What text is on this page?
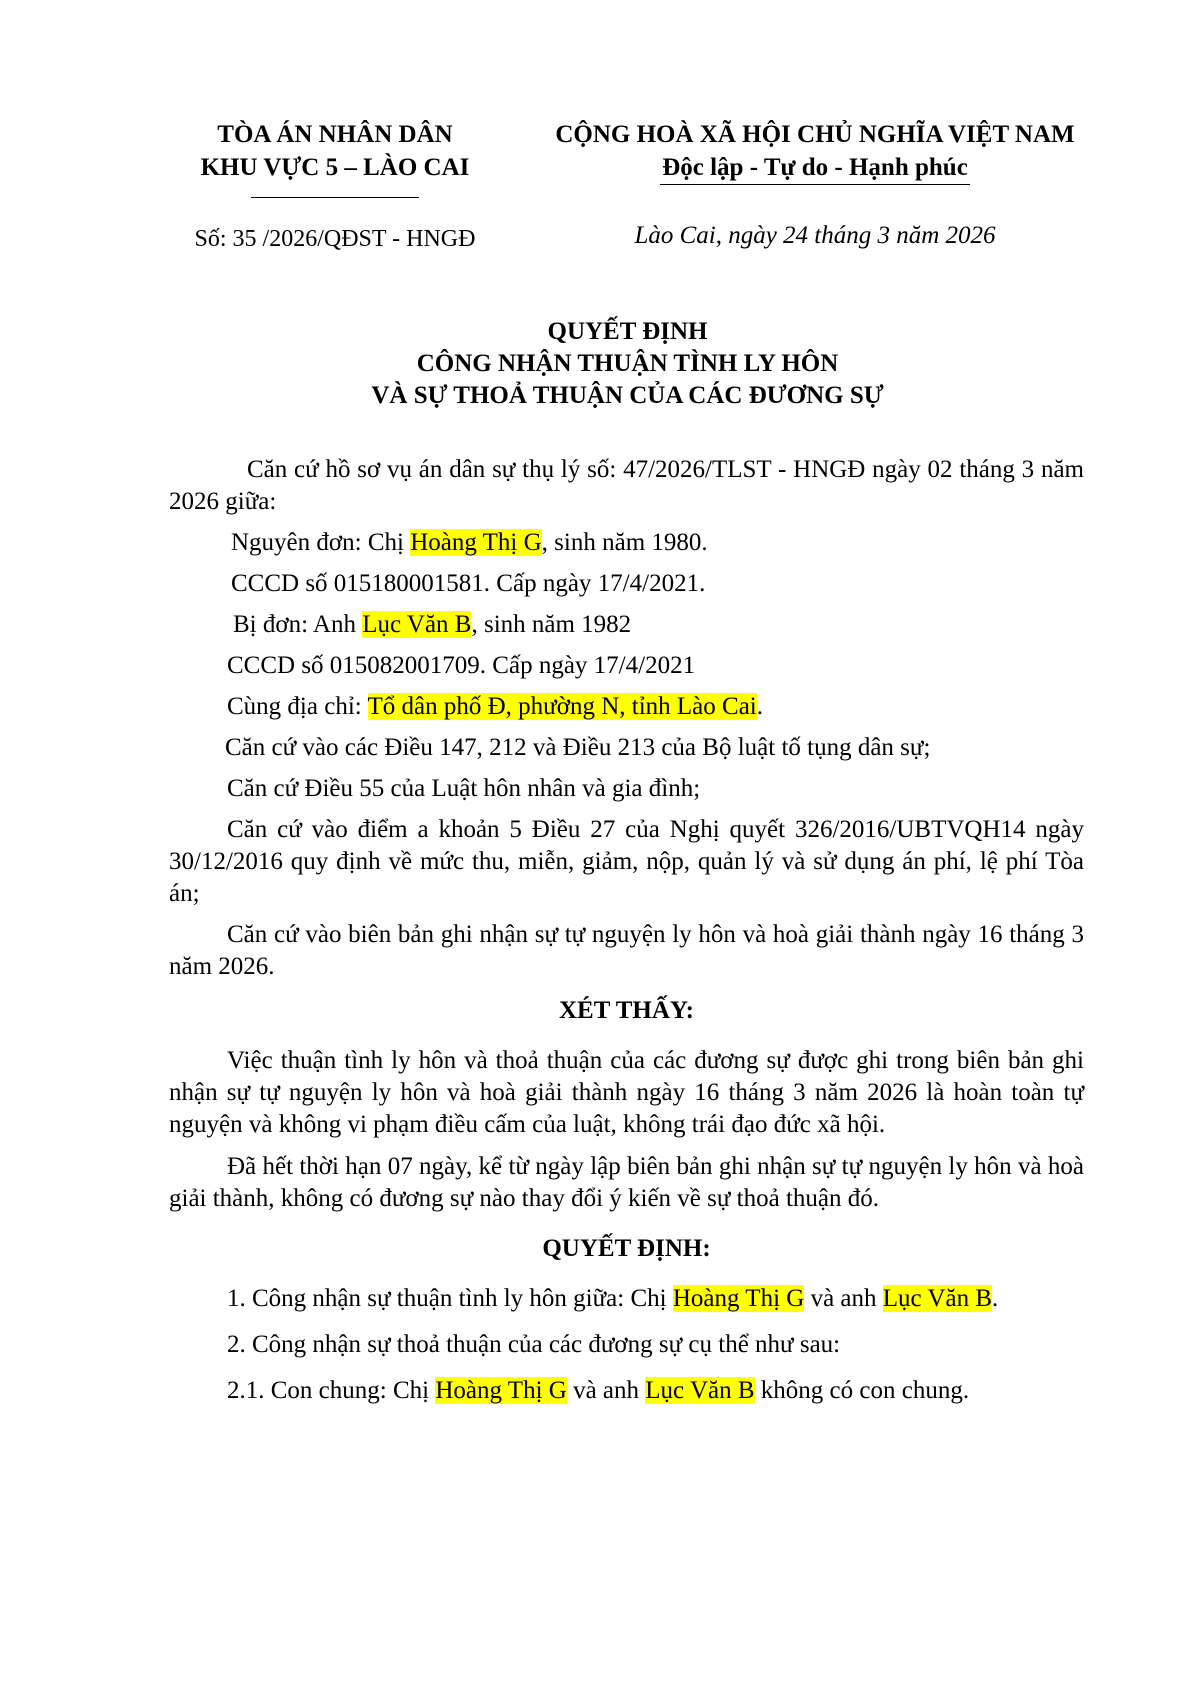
TÒA ÁN NHÂN DÂN
KHU VỰC 5 – LÀO CAI
CỘNG HOÀ XÃ HỘI CHỦ NGHĨA VIỆT NAM
Độc lập - Tự do - Hạnh phúc
Số: 35 /2026/QĐST - HNGĐ	Lào Cai, ngày 24 tháng 3 năm 2026
QUYẾT ĐỊNH
CÔNG NHẬN THUẬN TÌNH LY HÔN
VÀ SỰ THOẢ THUẬN CỦA CÁC ĐƯƠNG SỰ

Căn cứ hồ sơ vụ án dân sự thụ lý số: 47/2026/TLST - HNGĐ ngày 02 tháng 3 năm 2026 giữa:

Nguyên đơn: Chị Hoàng Thị G, sinh năm 1980.

CCCD số 015180001581. Cấp ngày 17/4/2021.

Bị đơn: Anh Lục Văn B, sinh năm 1982

CCCD số 015082001709. Cấp ngày 17/4/2021

Cùng địa chỉ: Tổ dân phố Đ, phường N, tỉnh Lào Cai.

Căn cứ vào các Điều 147, 212 và Điều 213 của Bộ luật tố tụng dân sự;

Căn cứ Điều 55 của Luật hôn nhân và gia đình;

Căn cứ vào điểm a khoản 5 Điều 27 của Nghị quyết 326/2016/UBTVQH14 ngày 30/12/2016 quy định về mức thu, miễn, giảm, nộp, quản lý và sử dụng án phí, lệ phí Tòa án;

Căn cứ vào biên bản ghi nhận sự tự nguyện ly hôn và hoà giải thành ngày 16 tháng 3 năm 2026.

XÉT THẤY:

Việc thuận tình ly hôn và thoả thuận của các đương sự được ghi trong biên bản ghi nhận sự tự nguyện ly hôn và hoà giải thành ngày 16 tháng 3 năm 2026 là hoàn toàn tự nguyện và không vi phạm điều cấm của luật, không trái đạo đức xã hội.

Đã hết thời hạn 07 ngày, kể từ ngày lập biên bản ghi nhận sự tự nguyện ly hôn và hoà giải thành, không có đương sự nào thay đổi ý kiến về sự thoả thuận đó.

QUYẾT ĐỊNH:

1. Công nhận sự thuận tình ly hôn giữa: Chị Hoàng Thị G và anh Lục Văn B.

2. Công nhận sự thoả thuận của các đương sự cụ thể như sau:

2.1. Con chung: Chị Hoàng Thị G và anh Lục Văn B không có con chung.
